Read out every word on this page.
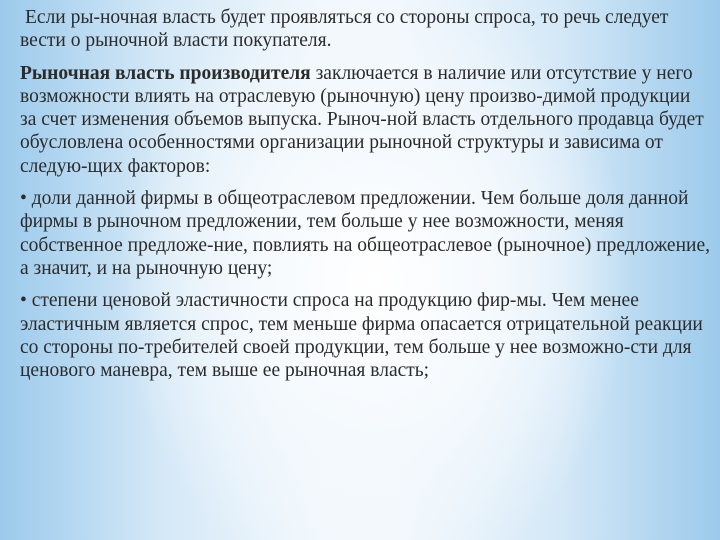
Если ры-ночная власть будет проявляться со стороны спроса, то речь следует вести о рыночной власти покупателя.

Рыночная власть производителя заключается в наличие или отсутствие у него возможности влиять на отраслевую (рыночную) цену произво-димой продукции за счет изменения объемов выпуска. Рыноч-ной власть отдельного продавца будет обусловлена особенностями организации рыночной структуры и зависима от следую-щих факторов:

• доли данной фирмы в общеотраслевом предложении. Чем больше доля данной фирмы в рыночном предложении, тем больше у нее возможности, меняя собственное предложе-ние, повлиять на общеотраслевое (рыночное) предложение, а значит, и на рыночную цену;

• степени ценовой эластичности спроса на продукцию фир-мы. Чем менее эластичным является спрос, тем меньше фирма опасается отрицательной реакции со стороны по-требителей своей продукции, тем больше у нее возможно-сти для ценового маневра, тем выше ее рыночная власть;
